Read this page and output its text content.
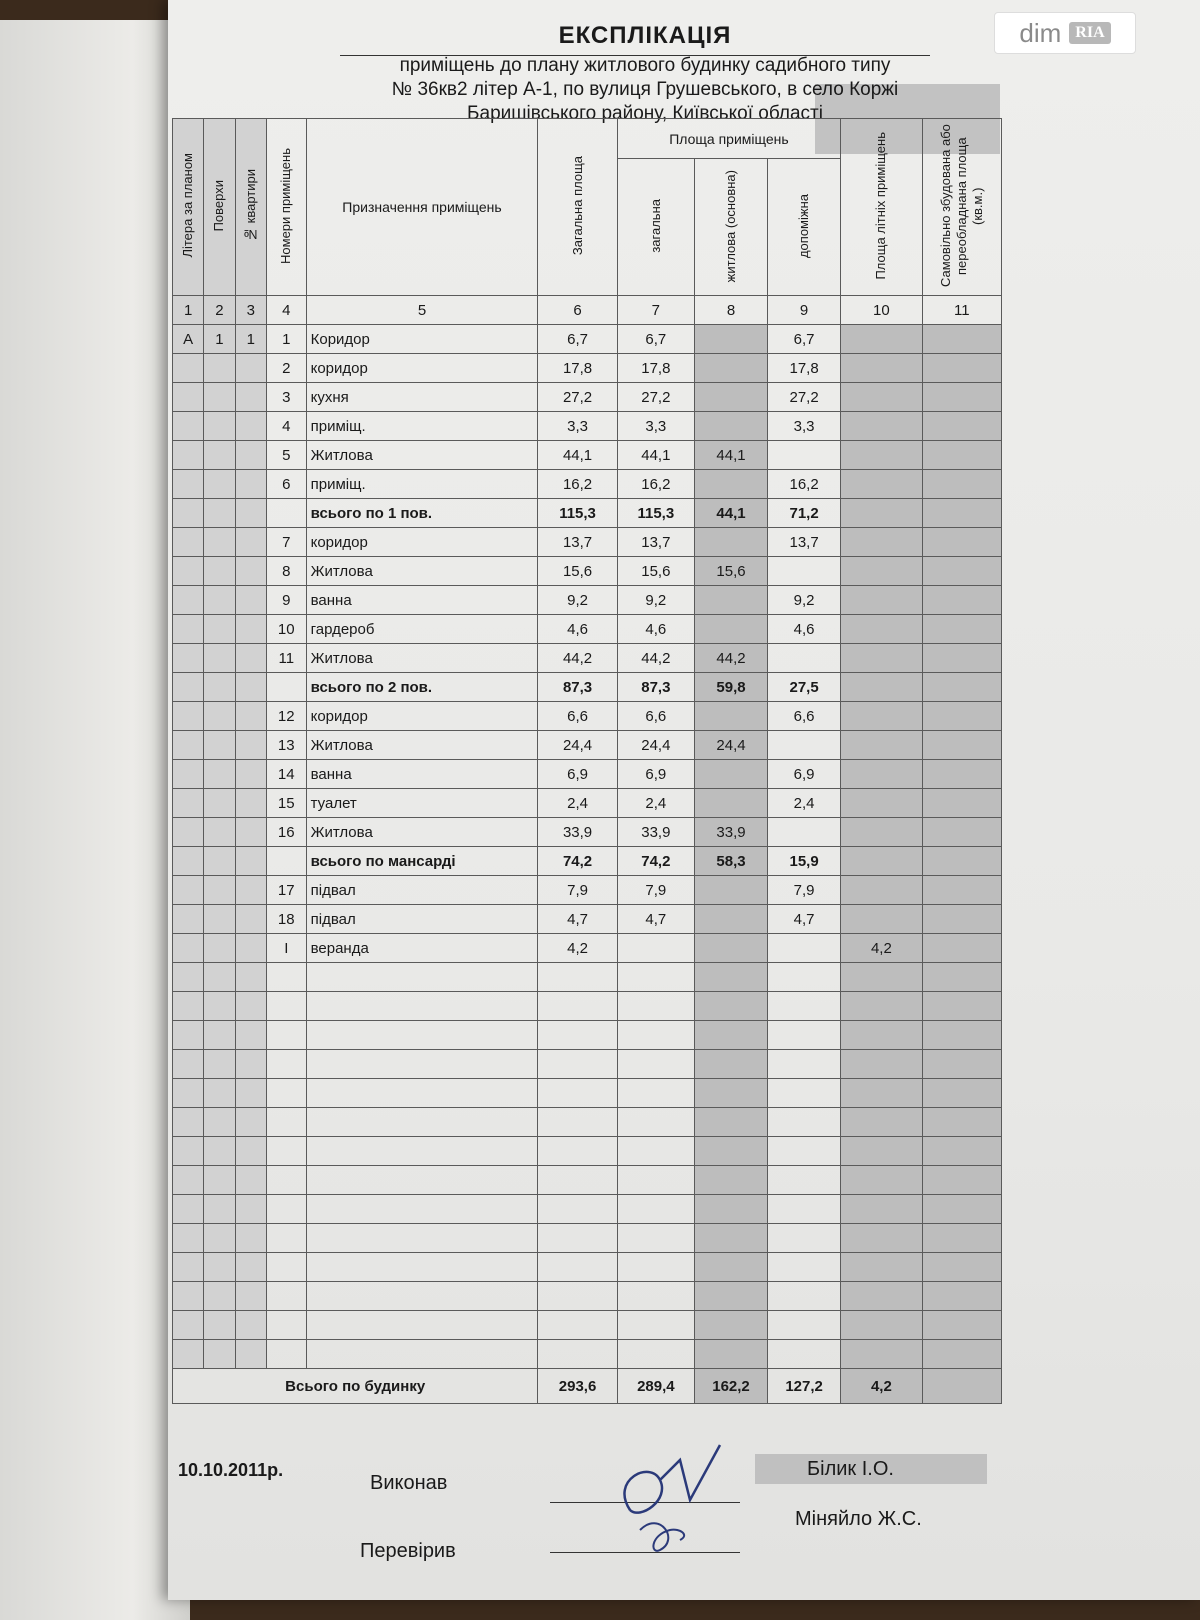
dim RIA
ЕКСПЛІКАЦІЯ
приміщень до плану житлового будинку садибного типу
№ 36кв2 літер А-1, по вулиця Грушевського, в село Коржі
Баришівського району, Київської області
Літера за планом	Поверхи	№ квартири	Номери приміщень	Призначення приміщень	Загальна площа	Площа приміщень			Площа літніх приміщень	Самовільно збудована або переобладнана площа (кв.м.)
						загальна	житлова (основна)	допоміжна		
1	2	3	4	5	6	7	8	9	10	11
А	1	1	1	Коридор	6,7	6,7		6,7		
			2	коридор	17,8	17,8		17,8		
			3	кухня	27,2	27,2		27,2		
			4	приміщ.	3,3	3,3		3,3		
			5	Житлова	44,1	44,1	44,1			
			6	приміщ.	16,2	16,2		16,2		
				всього по 1 пов.	115,3	115,3	44,1	71,2		
			7	коридор	13,7	13,7		13,7		
			8	Житлова	15,6	15,6	15,6			
			9	ванна	9,2	9,2		9,2		
			10	гардероб	4,6	4,6		4,6		
			11	Житлова	44,2	44,2	44,2			
				всього по 2 пов.	87,3	87,3	59,8	27,5		
			12	коридор	6,6	6,6		6,6		
			13	Житлова	24,4	24,4	24,4			
			14	ванна	6,9	6,9		6,9		
			15	туалет	2,4	2,4		2,4		
			16	Житлова	33,9	33,9	33,9			
				всього по мансарді	74,2	74,2	58,3	15,9		
			17	підвал	7,9	7,9		7,9		
			18	підвал	4,7	4,7		4,7		
			І	веранда	4,2				4,2	

Всього по будинку					293,6	289,4	162,2	127,2	4,2	
10.10.2011р.
Виконав
Перевірив
Білик І.О.
Міняйло Ж.С.
